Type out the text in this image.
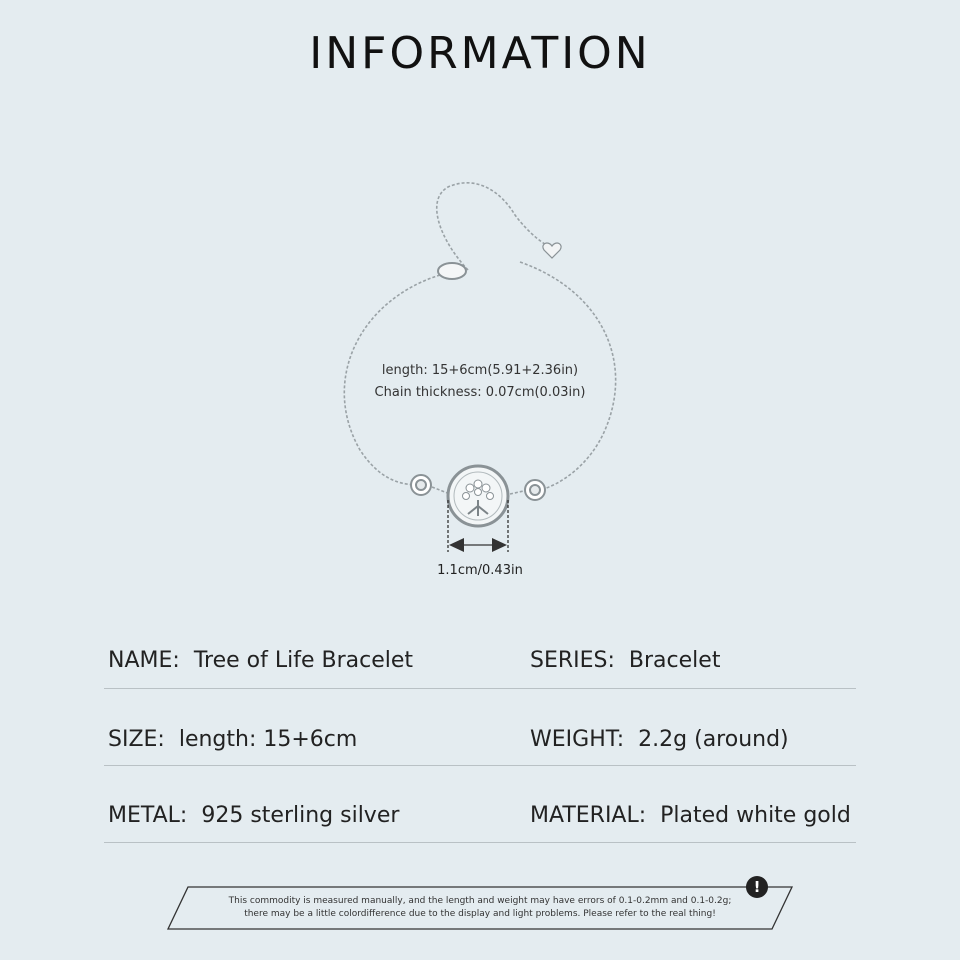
INFORMATION
length: 15+6cm(5.91+2.36in)
Chain thickness: 0.07cm(0.03in)
1.1cm/0.43in
NAME: Tree of Life Bracelet	SERIES: Bracelet
SIZE: length: 15+6cm	WEIGHT: 2.2g (around)
METAL: 925 sterling silver	MATERIAL: Plated white gold
This commodity is measured manually, and the length and weight may have errors of 0.1-0.2mm and 0.1-0.2g;
there may be a little colordifference due to the display and light problems. Please refer to the real thing!
!
